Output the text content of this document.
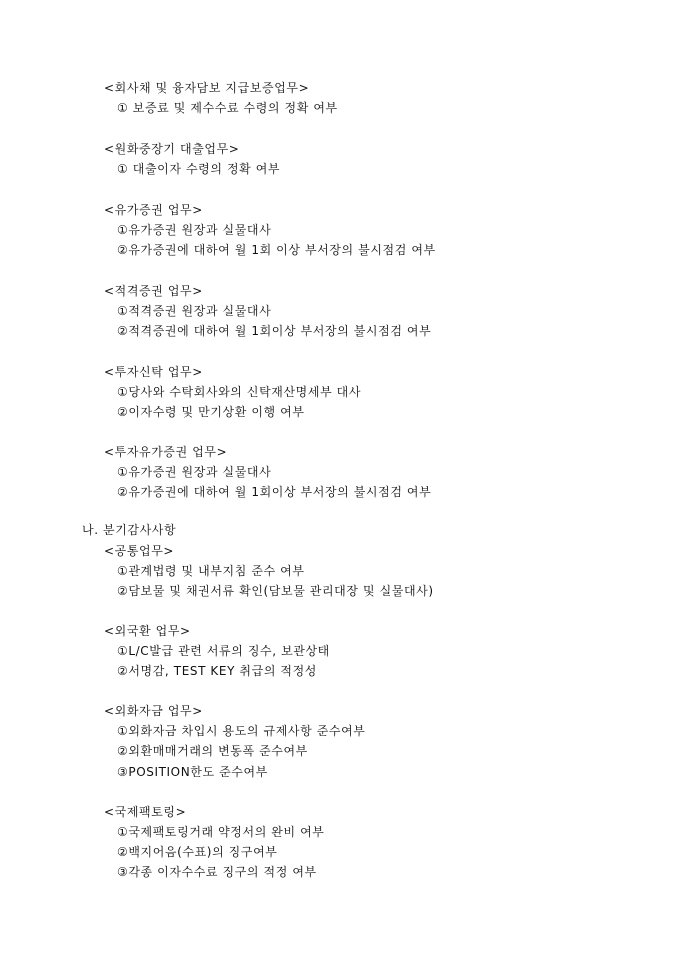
<회사채 및 융자담보 지급보증업무>
① 보증료 및 제수수료 수령의 정확 여부
<원화중장기 대출업무>
① 대출이자 수령의 정확 여부
<유가증권 업무>
①유가증권 원장과 실물대사
②유가증권에 대하여 월 1회 이상 부서장의 불시점검 여부
<적격증권 업무>
①적격증권 원장과 실물대사
②적격증권에 대하여 월 1회이상 부서장의 불시점검 여부
<투자신탁 업무>
①당사와 수탁회사와의 신탁재산명세부 대사
②이자수령 및 만기상환 이행 여부
<투자유가증권 업무>
①유가증권 원장과 실물대사
②유가증권에 대하여 월 1회이상 부서장의 불시점검 여부
나. 분기감사사항
<공통업무>
①관계법령 및 내부지침 준수 여부
②담보물 및 채권서류 확인(담보물 관리대장 및 실물대사)
<외국환 업무>
①L/C발급 관련 서류의 징수, 보관상태
②서명감, TEST KEY 취급의 적정성
<외화자금 업무>
①외화자금 차입시 용도의 규제사항 준수여부
②외환매매거래의 변동폭 준수여부
③POSITION한도 준수여부
<국제팩토링>
①국제팩토링거래 약정서의 완비 여부
②백지어음(수표)의 징구여부
③각종 이자수수료 징구의 적정 여부
